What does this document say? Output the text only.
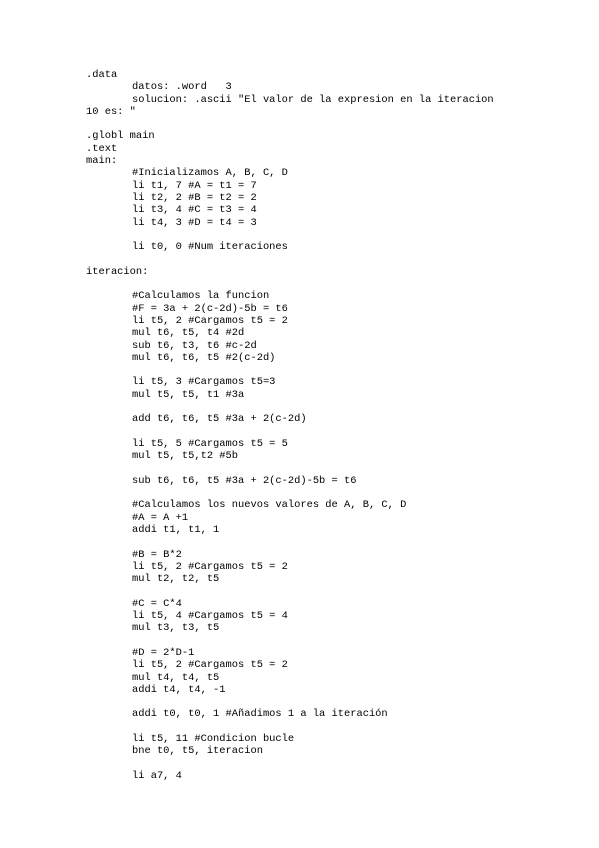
.data
datos: .word   3
solucion: .ascii "El valor de la expresion en la iteracion
10 es: "
.globl main
.text
main:
#Inicializamos A, B, C, D
li t1, 7 #A = t1 = 7
li t2, 2 #B = t2 = 2
li t3, 4 #C = t3 = 4
li t4, 3 #D = t4 = 3
li t0, 0 #Num iteraciones
iteracion:
#Calculamos la funcion
#F = 3a + 2(c-2d)-5b = t6
li t5, 2 #Cargamos t5 = 2
mul t6, t5, t4 #2d
sub t6, t3, t6 #c-2d
mul t6, t6, t5 #2(c-2d)
li t5, 3 #Cargamos t5=3
mul t5, t5, t1 #3a
add t6, t6, t5 #3a + 2(c-2d)
li t5, 5 #Cargamos t5 = 5
mul t5, t5,t2 #5b
sub t6, t6, t5 #3a + 2(c-2d)-5b = t6
#Calculamos los nuevos valores de A, B, C, D
#A = A +1
addi t1, t1, 1
#B = B*2
li t5, 2 #Cargamos t5 = 2
mul t2, t2, t5
#C = C*4
li t5, 4 #Cargamos t5 = 4
mul t3, t3, t5
#D = 2*D-1
li t5, 2 #Cargamos t5 = 2
mul t4, t4, t5
addi t4, t4, -1
addi t0, t0, 1 #Añadimos 1 a la iteración
li t5, 11 #Condicion bucle
bne t0, t5, iteracion
li a7, 4
